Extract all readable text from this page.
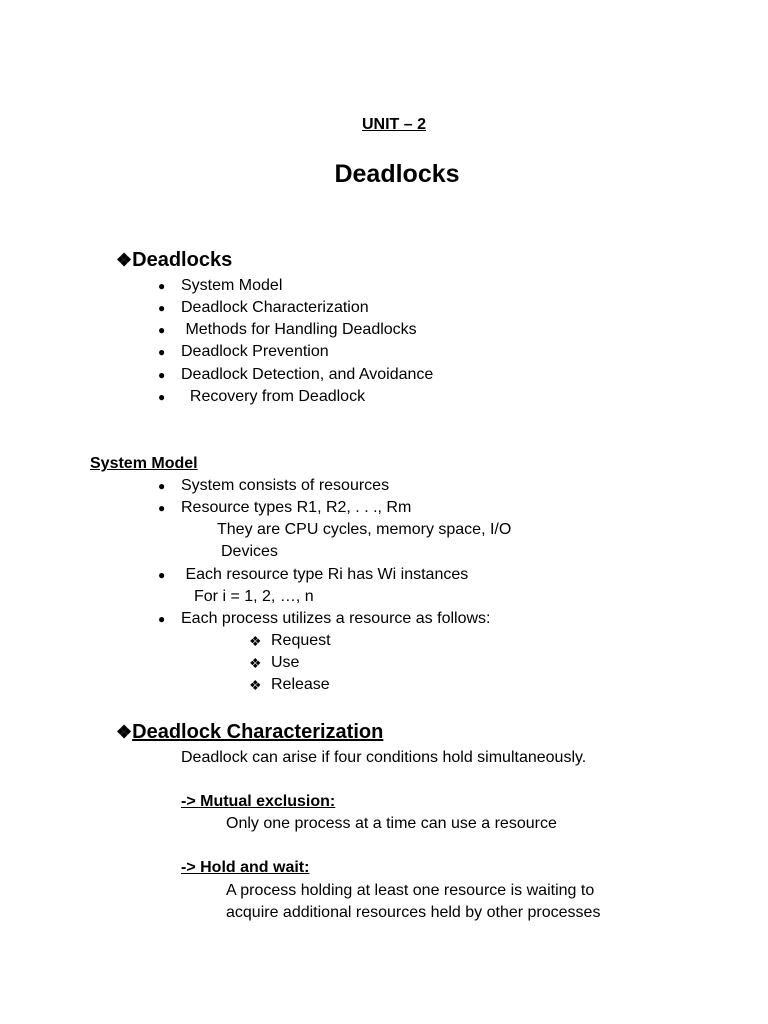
UNIT – 2
Deadlocks
❖Deadlocks
● System Model
● Deadlock Characterization
● Methods for Handling Deadlocks
● Deadlock Prevention
● Deadlock Detection, and Avoidance
● Recovery from Deadlock
System Model
● System consists of resources
● Resource types R1, R2, . . ., Rm
They are CPU cycles, memory space, I/O
Devices
● Each resource type Ri has Wi instances
For i = 1, 2, …, n
● Each process utilizes a resource as follows:
❖ Request
❖ Use
❖ Release
❖Deadlock Characterization
Deadlock can arise if four conditions hold simultaneously.
-> Mutual exclusion:
Only one process at a time can use a resource
-> Hold and wait:
A process holding at least one resource is waiting to
acquire additional resources held by other processes
